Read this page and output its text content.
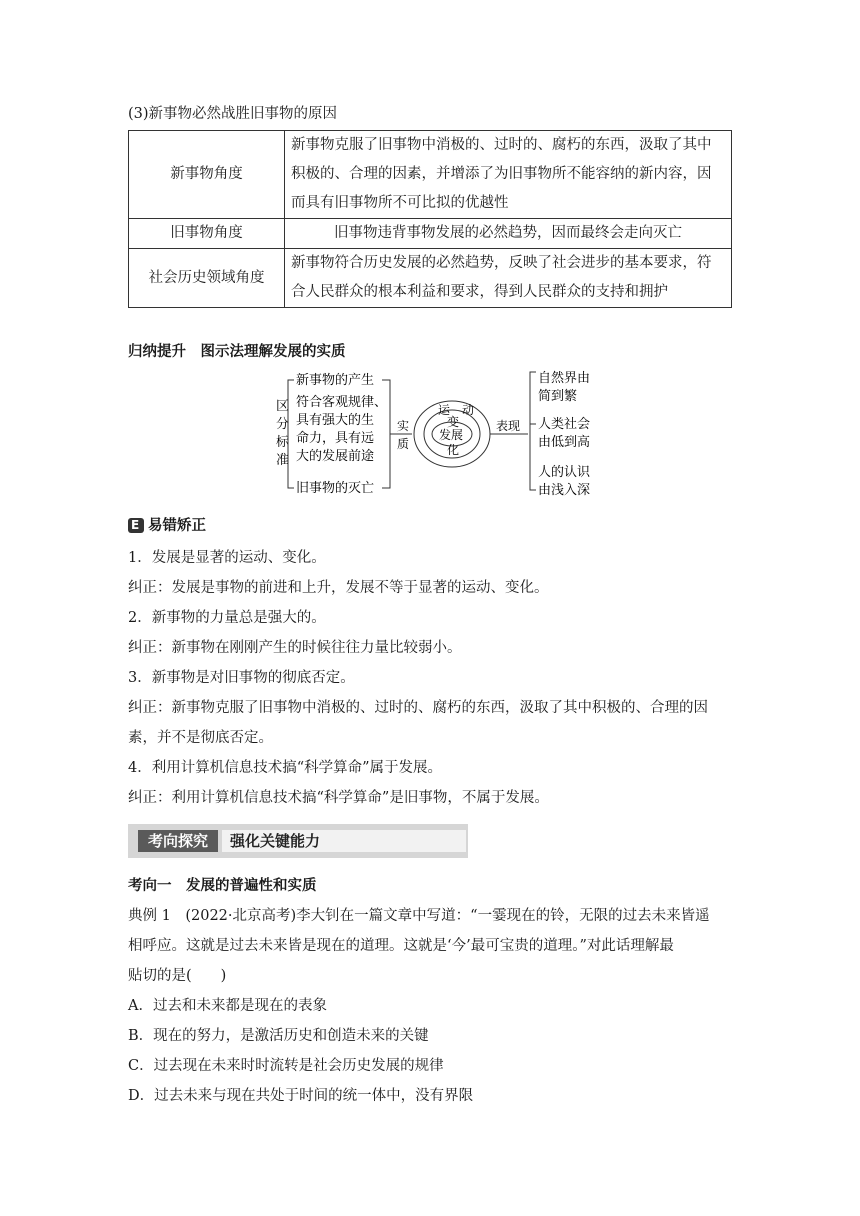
(3)新事物必然战胜旧事物的原因
新事物角度	新事物克服了旧事物中消极的、过时的、腐朽的东西，汲取了其中
积极的、合理的因素，并增添了为旧事物所不能容纳的新内容，因
而具有旧事物所不可比拟的优越性

旧事物角度	旧事物违背事物发展的必然趋势，因而最终会走向灭亡

社会历史领域角度	新事物符合历史发展的必然趋势，反映了社会进步的基本要求，符
合人民群众的根本利益和要求，得到人民群众的支持和拥护
归纳提升　图示法理解发展的实质
区
分
标
准
新事物的产生
符合客观规律、
具有强大的生
命力，具有远
大的发展前途
旧事物的灭亡
实
质
运　动
变
发展
化
表现
自然界由
简到繁
人类社会
由低到高
人的认识
由浅入深
E 易错矫正
1．发展是显著的运动、变化。
纠正：发展是事物的前进和上升，发展不等于显著的运动、变化。
2．新事物的力量总是强大的。
纠正：新事物在刚刚产生的时候往往力量比较弱小。
3．新事物是对旧事物的彻底否定。
纠正：新事物克服了旧事物中消极的、过时的、腐朽的东西，汲取了其中积极的、合理的因
素，并不是彻底否定。
4．利用计算机信息技术搞“科学算命”属于发展。
纠正：利用计算机信息技术搞“科学算命”是旧事物，不属于发展。
考向探究	强化关键能力
考向一　发展的普遍性和实质
典例 1　(2022·北京高考)李大钊在一篇文章中写道：“一霎现在的铃，无限的过去未来皆遥
相呼应。这就是过去未来皆是现在的道理。这就是‘今’最可宝贵的道理。”对此话理解最
贴切的是(　　)
A．过去和未来都是现在的表象
B．现在的努力，是激活历史和创造未来的关键
C．过去现在未来时时流转是社会历史发展的规律
D．过去未来与现在共处于时间的统一体中，没有界限
